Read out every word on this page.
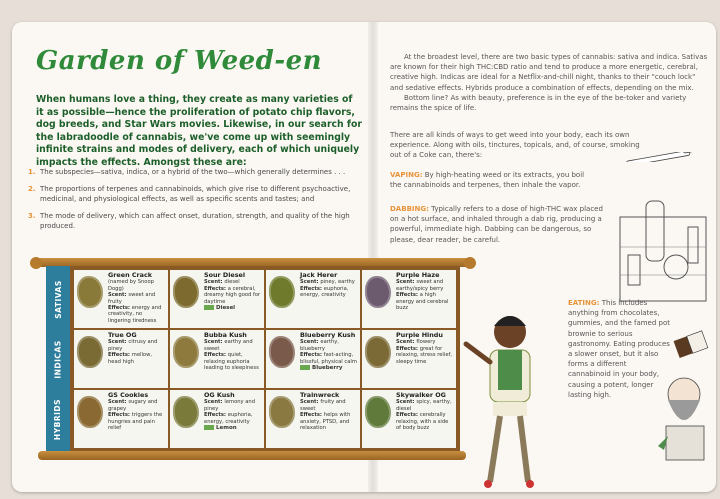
Garden of Weed-en
When humans love a thing, they create as many varieties of it as possible—hence the proliferation of potato chip flavors, dog breeds, and Star Wars movies. Likewise, in our search for the labradoodle of cannabis, we've come up with seemingly infinite strains and modes of delivery, each of which uniquely impacts the effects. Amongst these are:
1. The subspecies—sativa, indica, or a hybrid of the two—which generally determines . . .
2. The proportions of terpenes and cannabinoids, which give rise to different psychoactive, medicinal, and physiological effects, as well as specific scents and tastes; and
3. The mode of delivery, which can affect onset, duration, strength, and quality of the high produced.
At the broadest level, there are two basic types of cannabis: sativa and indica. Sativas are known for their high THC:CBD ratio and tend to produce a more energetic, cerebral, creative high. Indicas are ideal for a Netflix-and-chill night, thanks to their "couch lock" and sedative effects. Hybrids produce a combination of effects, depending on the mix.
Bottom line? As with beauty, preference is in the eye of the be-toker and variety remains the spice of life.
There are all kinds of ways to get weed into your body, each its own experience. Along with oils, tinctures, topicals, and, of course, smoking out of a Coke can, there's:
VAPING: By high-heating weed or its extracts, you boil the cannabinoids and terpenes, then inhale the vapor.
DABBING: Typically refers to a dose of high-THC wax placed on a hot surface, and inhaled through a dab rig, producing a powerful, immediate high. Dabbing can be dangerous, so please, dear reader, be careful.
EATING: This includes anything from chocolates, gummies, and the famed pot brownie to serious gastronomy. Eating produces a slower onset, but it also forms a different cannabinoid in your body, causing a potent, longer lasting high.
SATIVAS
Green Crack
(named by Snoop Dogg)
Scent: sweet and fruity
Effects: energy and creativity, no lingering tiredness
Sour Diesel
Scent: diesel
Effects: a cerebral, dreamy high good for daytime
Diesel
Jack Herer
Scent: piney, earthy
Effects: euphoria, energy, creativity
Purple Haze
Scent: sweet and earthy/spicy berry
Effects: a high energy and cerebral buzz
INDICAS
True OG
Scent: citrusy and piney
Effects: mellow, head high
Bubba Kush
Scent: earthy and sweet
Effects: quiet, relaxing euphoria leading to sleepiness
Blueberry Kush
Scent: earthy, blueberry
Effects: fast-acting, blissful, physical calm
Blueberry
Purple Hindu
Scent: flowery
Effects: great for relaxing, stress relief, sleepy time
HYBRIDS
GS Cookies
Scent: sugary and grapey
Effects: triggers the hungries and pain relief
OG Kush
Scent: lemony and piney
Effects: euphoria, energy, creativity
Lemon
Trainwreck
Scent: fruity and sweet
Effects: helps with anxiety, PTSD, and relaxation
Skywalker OG
Scent: spicy, earthy, diesel
Effects: cerebrally relaxing, with a side of body buzz
